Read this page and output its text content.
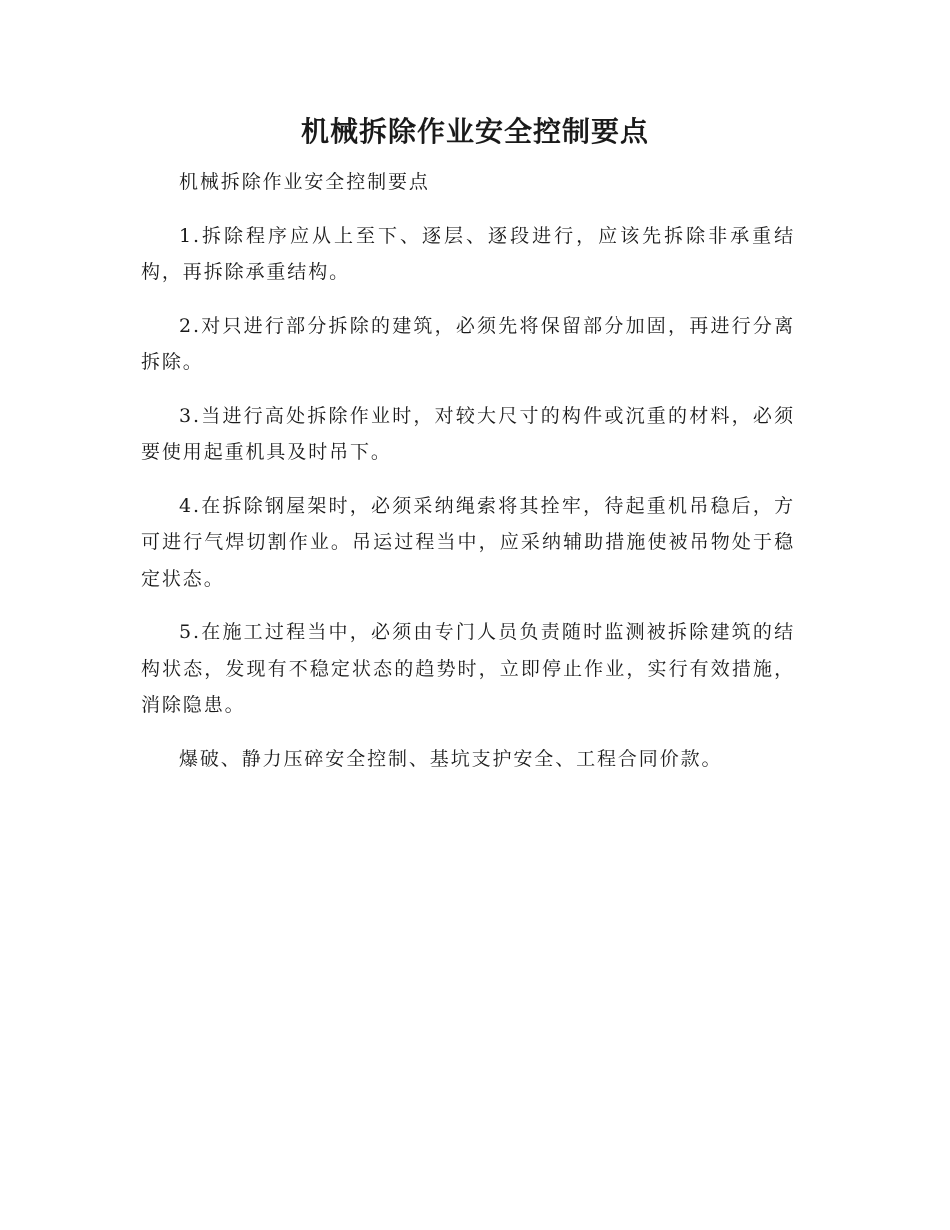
机械拆除作业安全控制要点

机械拆除作业安全控制要点

1.拆除程序应从上至下、逐层、逐段进行，应该先拆除非承重结构，再拆除承重结构。

2.对只进行部分拆除的建筑，必须先将保留部分加固，再进行分离拆除。

3.当进行高处拆除作业时，对较大尺寸的构件或沉重的材料，必须要使用起重机具及时吊下。

4.在拆除钢屋架时，必须采纳绳索将其拴牢，待起重机吊稳后，方可进行气焊切割作业。吊运过程当中，应采纳辅助措施使被吊物处于稳定状态。

5.在施工过程当中，必须由专门人员负责随时监测被拆除建筑的结构状态，发现有不稳定状态的趋势时，立即停止作业，实行有效措施，消除隐患。

爆破、静力压碎安全控制、基坑支护安全、工程合同价款。
